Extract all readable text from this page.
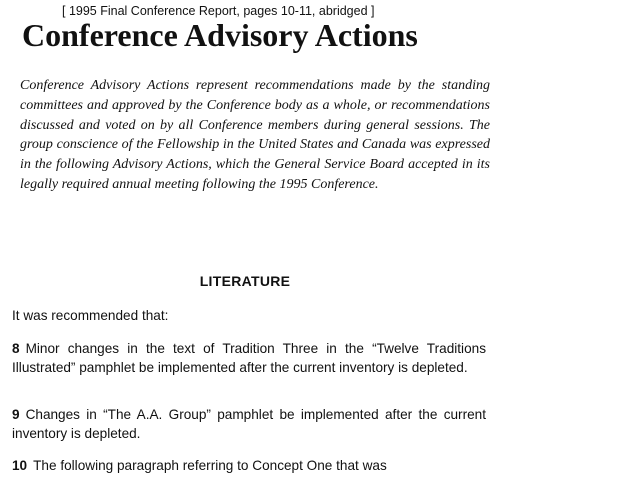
[ 1995 Final Conference Report, pages 10-11, abridged ]
Conference Advisory Actions

Conference Advisory Actions represent recommendations made by the standing committees and approved by the Conference body as a whole, or recommendations discussed and voted on by all Conference members during general sessions. The group conscience of the Fellowship in the United States and Canada was expressed in the following Advisory Actions, which the General Service Board accepted in its legally required annual meeting following the 1995 Conference.

LITERATURE

It was recommended that:

8 Minor changes in the text of Tradition Three in the “Twelve Traditions Illustrated” pamphlet be implemented after the current inventory is depleted.

9 Changes in “The A.A. Group” pamphlet be implemented after the current inventory is depleted.

10 The following paragraph referring to Concept One that was
